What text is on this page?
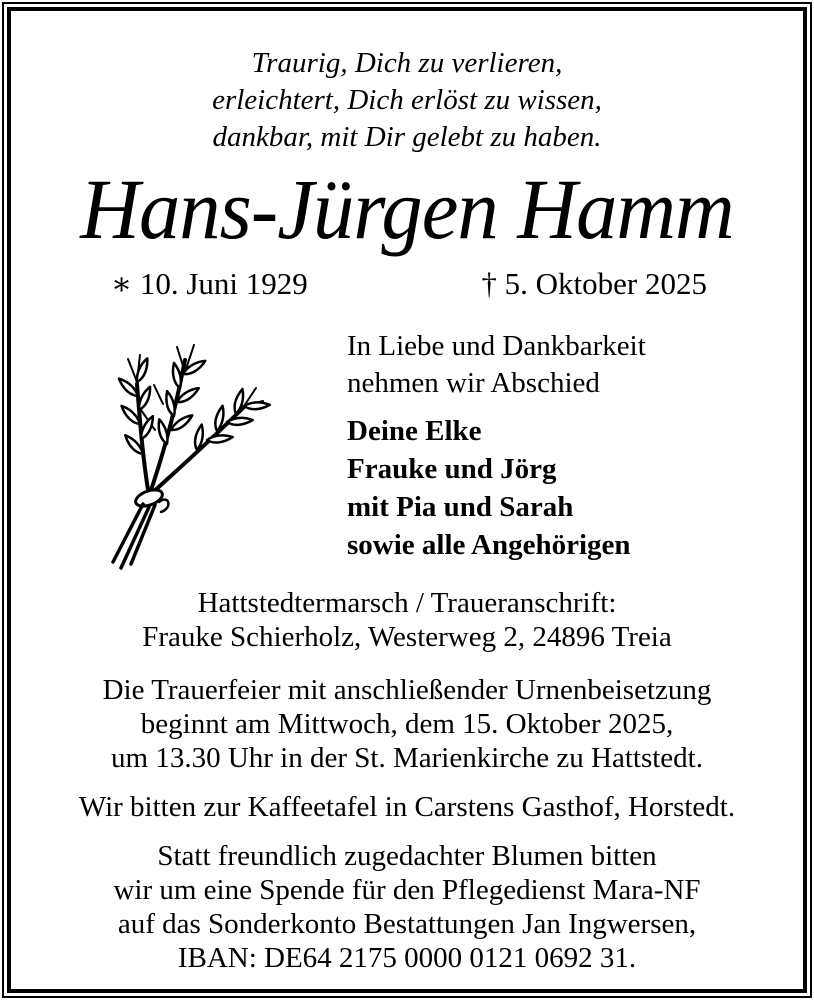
Traurig, Dich zu verlieren,
erleichtert, Dich erlöst zu wissen,
dankbar, mit Dir gelebt zu haben.
Hans-Jürgen Hamm
∗ 10. Juni 1929	† 5. Oktober 2025
In Liebe und Dankbarkeit
nehmen wir Abschied
Deine Elke
Frauke und Jörg
mit Pia und Sarah
sowie alle Angehörigen
Hattstedtermarsch / Traueranschrift:
Frauke Schierholz, Westerweg 2, 24896 Treia
Die Trauerfeier mit anschließender Urnenbeisetzung
beginnt am Mittwoch, dem 15. Oktober 2025,
um 13.30 Uhr in der St. Marienkirche zu Hattstedt.
Wir bitten zur Kaffeetafel in Carstens Gasthof, Horstedt.
Statt freundlich zugedachter Blumen bitten
wir um eine Spende für den Pflegedienst Mara-NF
auf das Sonderkonto Bestattungen Jan Ingwersen,
IBAN: DE64 2175 0000 0121 0692 31.
